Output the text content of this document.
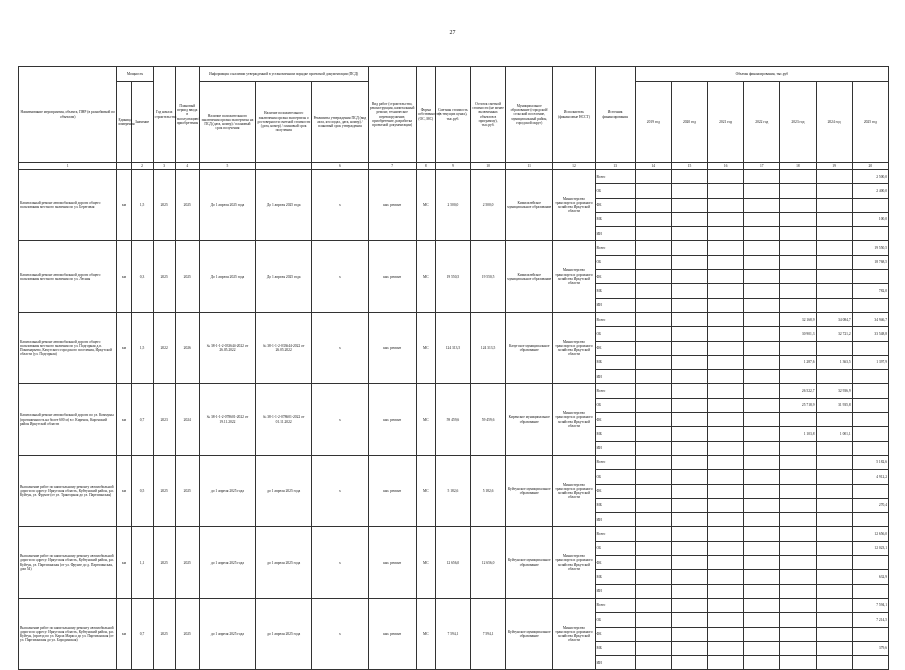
27
Наименование мероприятия, объекта, ПНР (в разнобивкой по объектам)	Мощность		Год начала строительства	Плановый период ввода в эксплуатацию/ приобретения	Информация о наличии утвержденной в установленном порядке проектной документации (ПСД)			Вид работ (строительство, реконструкция, капитальный ремонт, техническое перевооружение, приобретение, разработка проектной документации)	Форма собственности (ОС, МС)	Сметная стоимость (в текущих ценах), тыс.руб.	Остаток сметной стоимости (не менее включенных объектов в программу), тыс.руб.	Муниципальное образование (городской/сельский поселение, муниципальный район, городской округ)	Исполнитель (финансовые НССТ)	Источник финансирования	Объемы финансирования, тыс.руб						
	Единица измерения	Значение			Наличие положительного заключения органа экспертизы на ПСД (дата, номер) / плановый срок получения	Наличие положительного заключения органа экспертизы о достоверности сметной стоимости (дата, номер) / плановый срок получения	Реквизиты утверждения ПСД (вид акта, кто издал, дата, номер) / плановый срок утверждения								2019 год	2020 год	2021 год	2022 год	2023 год	2024 год	2025 год
1		2	3	4	5		6	7	8	9	10	11	12	13	14	15	16	17	18	19	20
Капитальный ремонт автомобильной дороги общего пользования местного значения по ул. Береговая	км	1,5	2025	2025	До 1 апреля 2025 года	До 1 апреля 2025 года	х	кап. ремонт	МС	2 500,0	2 500,0	Кимильтейское муниципальное образование	Министерство транспорта и дорожного хозяйства Иркутской области	Всего							2 500,0
														ОБ							2 400,0
														ФБ							
														МБ							100,0
														ИИ							
Капитальный ремонт автомобильной дороги общего пользования местного значения по ул. Лесная	км	0,3	2025	2025	До 1 апреля 2025 года	До 1 апреля 2025 года	х	кап. ремонт	МС	19 550,5	19 550,5	Кимильтейское муниципальное образование	Министерство транспорта и дорожного хозяйства Иркутской области	Всего							19 550,5
														ОБ							18 768,5
														ФБ							
														МБ							782,0
														ИИ							
Капитальный ремонт автомобильной дороги общего пользования местного значения по ул. Подгорная д.п. Понимарьево, Качугского городского поселения, Иркутской области (ул. Подгорная)	км	1,5	2022	2026	№ 38-1-1-2-033644-2022 от 26.05.2022	№ 38-1-1-2-033644-2022 от 26.05.2022	х	кап. ремонт	МС	124 313,5	124 313,5	Качугское муниципальное образование	Министерство транспорта и дорожного хозяйства Иркутской области	Всего					32 168,9	34 084,7	34 946,7
														ОБ					30 901,3	32 721,2	33 548,8
														ФБ							
														МБ					1 287,6	1 363,5	1 397,9
														ИИ							
Капитальный ремонт автомобильной дороги по ул. Коммуны (протяженность на более 600 м) в г. Киренск, Киренский район Иркутской области	км	0,7	2023	2024	№ 38-1-1-2-078601-2022 от 19.11.2022	№ 38-1-1-2-078601-2022 от 01.11.2022	х	кап. ремонт	МС	59 459,6	59 459,6	Киренское муниципальное образование	Министерство транспорта и дорожного хозяйства Иркутской области	Всего					26 522,7	32 936,9	
														ОБ					25 718,9	31 935,8	
														ФБ							
														МБ					1 103,8	1 001,1	
														ИИ							
Выполнение работ по капитальному ремонту автомобильной дороги по адресу: Иркутская область, Куйтунский район, р.п. Куйтун, ул. Фрунзе (от ул. Тракторная до ул. Партизанская)	км	0,5	2025	2025	до 1 апреля 2025 года	до 1 апреля 2025 года	х	кап. ремонт	МС	5 182,6	5 182,6	Куйтунское муниципальное образование	Министерство транспорта и дорожного хозяйства Иркутской области	Всего							5 182,6
														ОБ							4 912,2
														ФБ							
														МБ							270,4
														ИИ							
Выполнение работ по капитальному ремонту автомобильной дороги по адресу: Иркутская область, Куйтунский район, р.п. Куйтун, ул. Партизанская (от ул. Фрунзе до д. Партизанская, дом 54)	км	1,1	2025	2025	до 1 апреля 2025 года	до 1 апреля 2025 года	х	кап. ремонт	МС	12 656,0	12 656,0	Куйтунское муниципальное образование	Министерство транспорта и дорожного хозяйства Иркутской области	Всего							12 656,0
														ОБ							12 023,1
														ФБ							
														МБ							632,9
														ИИ							
Выполнение работ по капитальному ремонту автомобильной дороги по адресу: Иркутская область, Куйтунский район, р.п. Куйтун, (проезд по ул. Карла Маркса до ул. Партизанская (от ул. Партизанская до ул. Бородинская)	км	0,7	2025	2025	до 1 апреля 2025 года	до 1 апреля 2025 года	х	кап. ремонт	МС	7 594,1	7 594,1	Куйтунское муниципальное образование	Министерство транспорта и дорожного хозяйства Иркутской области	Всего							7 594,1
														ОБ							7 214,5
														ФБ							
														МБ							379,6
														ИИ							
